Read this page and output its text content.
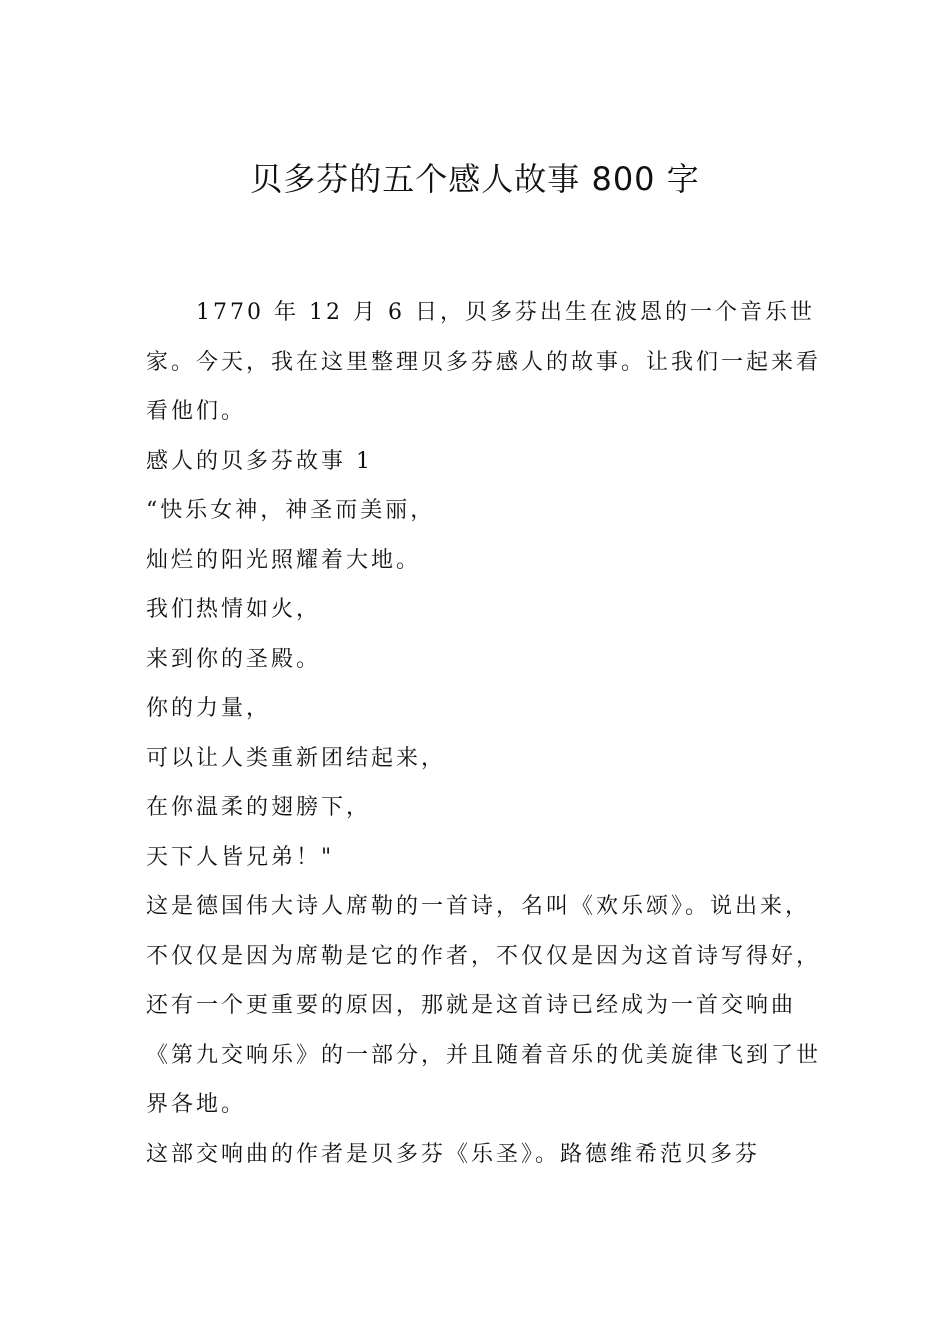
贝多芬的五个感人故事 800 字

1770 年 12 月 6 日，贝多芬出生在波恩的一个音乐世家。今天，我在这里整理贝多芬感人的故事。让我们一起来看看他们。

感人的贝多芬故事 1

“快乐女神，神圣而美丽，

灿烂的阳光照耀着大地。

我们热情如火，

来到你的圣殿。

你的力量，

可以让人类重新团结起来，

在你温柔的翅膀下，

天下人皆兄弟！"

这是德国伟大诗人席勒的一首诗，名叫《欢乐颂》。说出来，不仅仅是因为席勒是它的作者，不仅仅是因为这首诗写得好，还有一个更重要的原因，那就是这首诗已经成为一首交响曲《第九交响乐》的一部分，并且随着音乐的优美旋律飞到了世界各地。

这部交响曲的作者是贝多芬《乐圣》。路德维希范贝多芬
